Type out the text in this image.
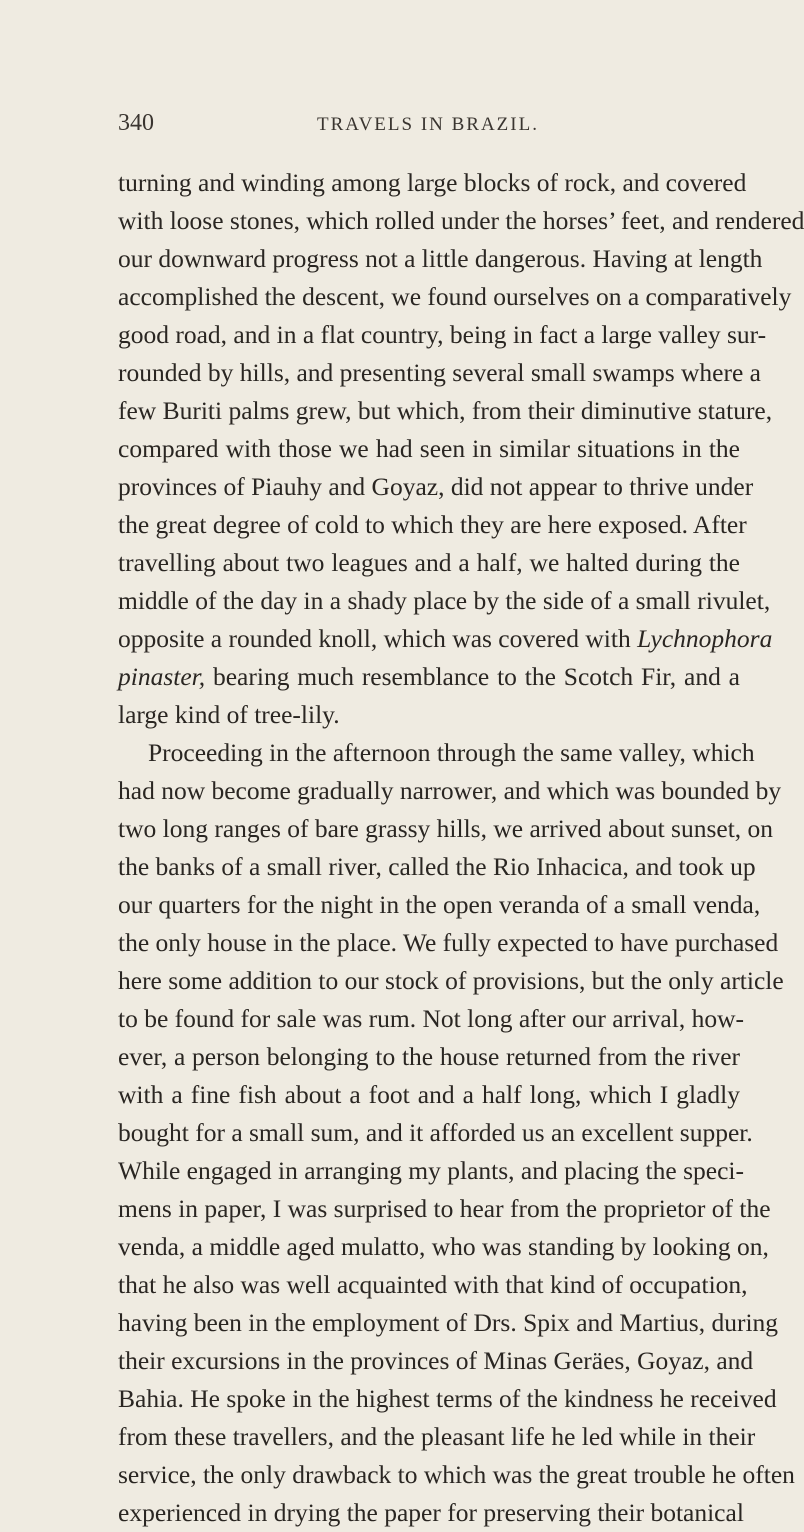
340	TRAVELS IN BRAZIL.
turning and winding among large blocks of rock, and covered
with loose stones, which rolled under the horses’ feet, and rendered
our downward progress not a little dangerous. Having at length
accomplished the descent, we found ourselves on a comparatively
good road, and in a flat country, being in fact a large valley sur-
rounded by hills, and presenting several small swamps where a
few Buriti palms grew, but which, from their diminutive stature,
compared with those we had seen in similar situations in the
provinces of Piauhy and Goyaz, did not appear to thrive under
the great degree of cold to which they are here exposed. After
travelling about two leagues and a half, we halted during the
middle of the day in a shady place by the side of a small rivulet,
opposite a rounded knoll, which was covered with Lychnophora
pinaster, bearing much resemblance to the Scotch Fir, and a
large kind of tree-lily.
Proceeding in the afternoon through the same valley, which
had now become gradually narrower, and which was bounded by
two long ranges of bare grassy hills, we arrived about sunset, on
the banks of a small river, called the Rio Inhacica, and took up
our quarters for the night in the open veranda of a small venda,
the only house in the place. We fully expected to have purchased
here some addition to our stock of provisions, but the only article
to be found for sale was rum. Not long after our arrival, how-
ever, a person belonging to the house returned from the river
with a fine fish about a foot and a half long, which I gladly
bought for a small sum, and it afforded us an excellent supper.
While engaged in arranging my plants, and placing the speci-
mens in paper, I was surprised to hear from the proprietor of the
venda, a middle aged mulatto, who was standing by looking on,
that he also was well acquainted with that kind of occupation,
having been in the employment of Drs. Spix and Martius, during
their excursions in the provinces of Minas Geräes, Goyaz, and
Bahia. He spoke in the highest terms of the kindness he received
from these travellers, and the pleasant life he led while in their
service, the only drawback to which was the great trouble he often
experienced in drying the paper for preserving their botanical
